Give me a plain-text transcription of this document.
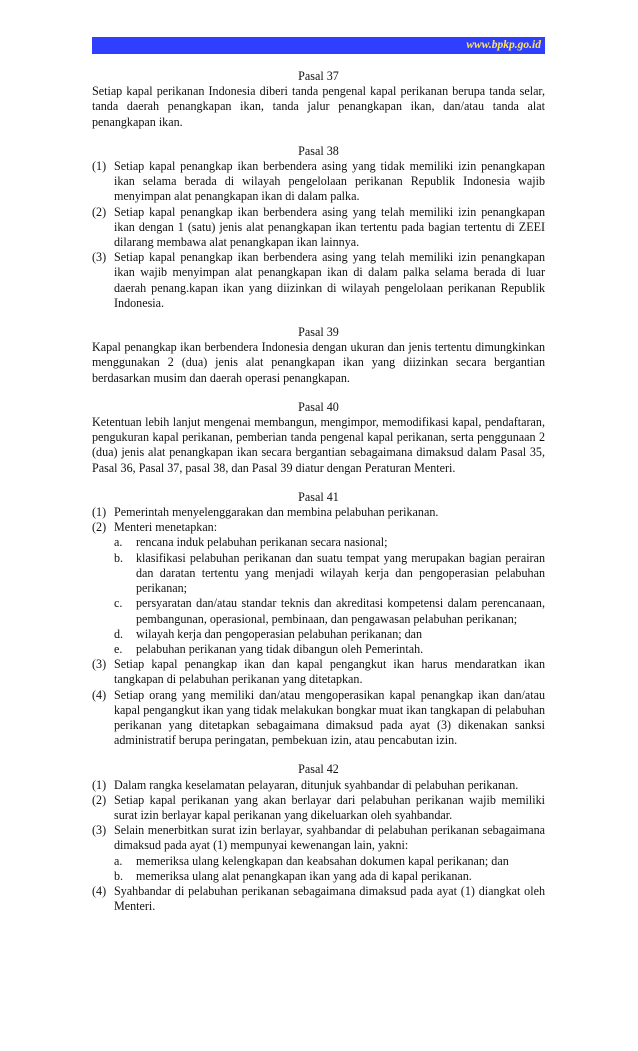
www.bpkp.go.id

Pasal 37

Setiap kapal perikanan Indonesia diberi tanda pengenal kapal perikanan berupa tanda selar, tanda daerah penangkapan ikan, tanda jalur penangkapan ikan, dan/atau tanda alat penangkapan ikan.

Pasal 38

(1) Setiap kapal penangkap ikan berbendera asing yang tidak memiliki izin penangkapan ikan selama berada di wilayah pengelolaan perikanan Republik Indonesia wajib menyimpan alat penangkapan ikan di dalam palka.
(2) Setiap kapal penangkap ikan berbendera asing yang telah memiliki izin penangkapan ikan dengan 1 (satu) jenis alat penangkapan ikan tertentu pada bagian tertentu di ZEEI dilarang membawa alat penangkapan ikan lainnya.
(3) Setiap kapal penangkap ikan berbendera asing yang telah memiliki izin penangkapan ikan wajib menyimpan alat penangkapan ikan di dalam palka selama berada di luar daerah penang.kapan ikan yang diizinkan di wilayah pengelolaan perikanan Republik Indonesia.

Pasal 39

Kapal penangkap ikan berbendera Indonesia dengan ukuran dan jenis tertentu dimungkinkan menggunakan 2 (dua) jenis alat penangkapan ikan yang diizinkan secara bergantian berdasarkan musim dan daerah operasi penangkapan.

Pasal 40

Ketentuan lebih lanjut mengenai membangun, mengimpor, memodifikasi kapal, pendaftaran, pengukuran kapal perikanan, pemberian tanda pengenal kapal perikanan, serta penggunaan 2 (dua) jenis alat penangkapan ikan secara bergantian sebagaimana dimaksud dalam Pasal 35, Pasal 36, Pasal 37, pasal 38, dan Pasal 39 diatur dengan Peraturan Menteri.

Pasal 41

(1) Pemerintah menyelenggarakan dan membina pelabuhan perikanan.
(2) Menteri menetapkan:
a.	rencana induk pelabuhan perikanan secara nasional;
b.	klasifikasi pelabuhan perikanan dan suatu tempat yang merupakan bagian perairan dan daratan tertentu yang menjadi wilayah kerja dan pengoperasian pelabuhan perikanan;
c.	persyaratan dan/atau standar teknis dan akreditasi kompetensi dalam perencanaan, pembangunan, operasional, pembinaan, dan pengawasan pelabuhan perikanan;
d.	wilayah kerja dan pengoperasian pelabuhan perikanan; dan
e.	pelabuhan perikanan yang tidak dibangun oleh Pemerintah.
(3) Setiap kapal penangkap ikan dan kapal pengangkut ikan harus mendaratkan ikan tangkapan di pelabuhan perikanan yang ditetapkan.
(4) Setiap orang yang memiliki dan/atau mengoperasikan kapal penangkap ikan dan/atau kapal pengangkut ikan yang tidak melakukan bongkar muat ikan tangkapan di pelabuhan perikanan yang ditetapkan sebagaimana dimaksud pada ayat (3) dikenakan sanksi administratif berupa peringatan, pembekuan izin, atau pencabutan izin.

Pasal 42

(1) Dalam rangka keselamatan pelayaran, ditunjuk syahbandar di pelabuhan perikanan.
(2) Setiap kapal perikanan yang akan berlayar dari pelabuhan perikanan wajib memiliki surat izin berlayar kapal perikanan yang dikeluarkan oleh syahbandar.
(3) Selain menerbitkan surat izin berlayar, syahbandar di pelabuhan perikanan sebagaimana dimaksud pada ayat (1) mempunyai kewenangan lain, yakni:
a.	memeriksa ulang kelengkapan dan keabsahan dokumen kapal perikanan; dan
b.	memeriksa ulang alat penangkapan ikan yang ada di kapal perikanan.
(4) Syahbandar di pelabuhan perikanan sebagaimana dimaksud pada ayat (1) diangkat oleh Menteri.
